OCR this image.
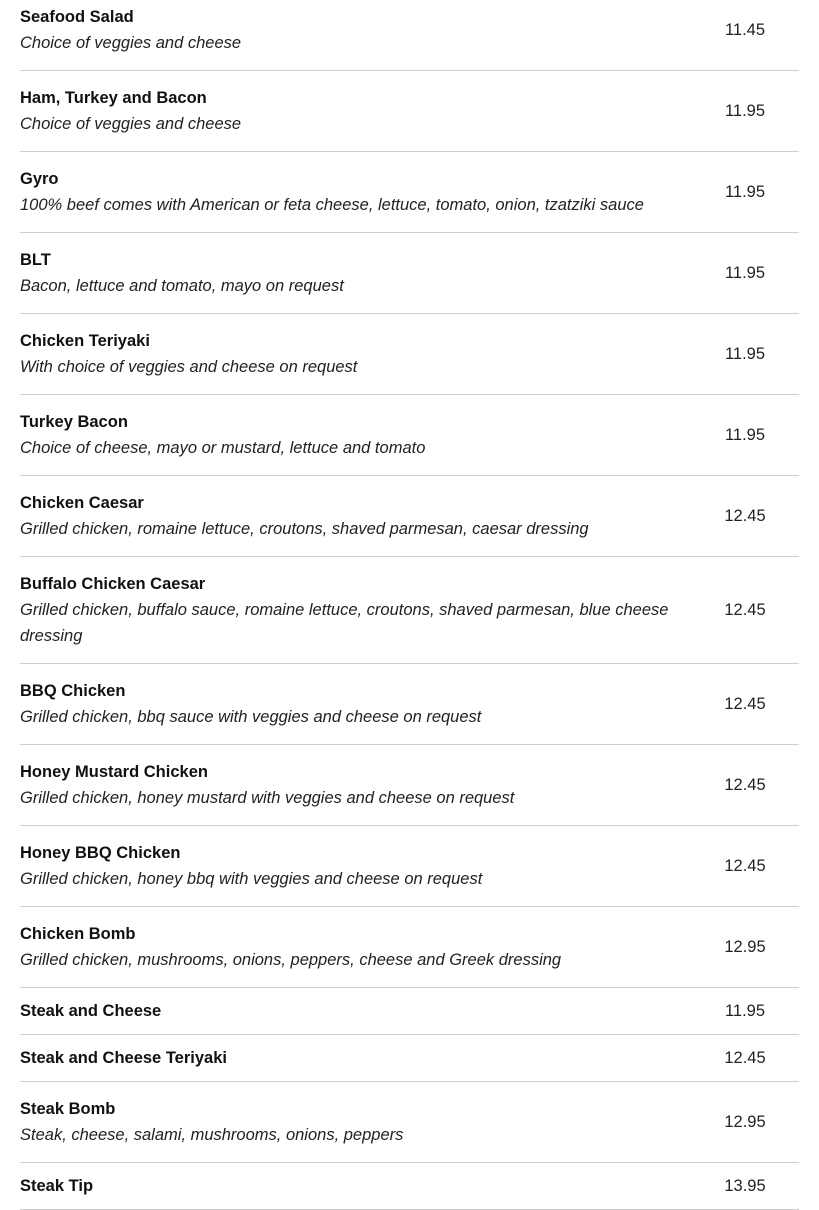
Seafood Salad
Choice of veggies and cheese
11.45
Ham, Turkey and Bacon
Choice of veggies and cheese
11.95
Gyro
100% beef comes with American or feta cheese, lettuce, tomato, onion, tzatziki sauce
11.95
BLT
Bacon, lettuce and tomato, mayo on request
11.95
Chicken Teriyaki
With choice of veggies and cheese on request
11.95
Turkey Bacon
Choice of cheese, mayo or mustard, lettuce and tomato
11.95
Chicken Caesar
Grilled chicken, romaine lettuce, croutons, shaved parmesan, caesar dressing
12.45
Buffalo Chicken Caesar
Grilled chicken, buffalo sauce, romaine lettuce, croutons, shaved parmesan, blue cheese dressing
12.45
BBQ Chicken
Grilled chicken, bbq sauce with veggies and cheese on request
12.45
Honey Mustard Chicken
Grilled chicken, honey mustard with veggies and cheese on request
12.45
Honey BBQ Chicken
Grilled chicken, honey bbq with veggies and cheese on request
12.45
Chicken Bomb
Grilled chicken, mushrooms, onions, peppers, cheese and Greek dressing
12.95
Steak and Cheese	11.95
Steak and Cheese Teriyaki	12.45
Steak Bomb
Steak, cheese, salami, mushrooms, onions, peppers
12.95
Steak Tip	13.95
